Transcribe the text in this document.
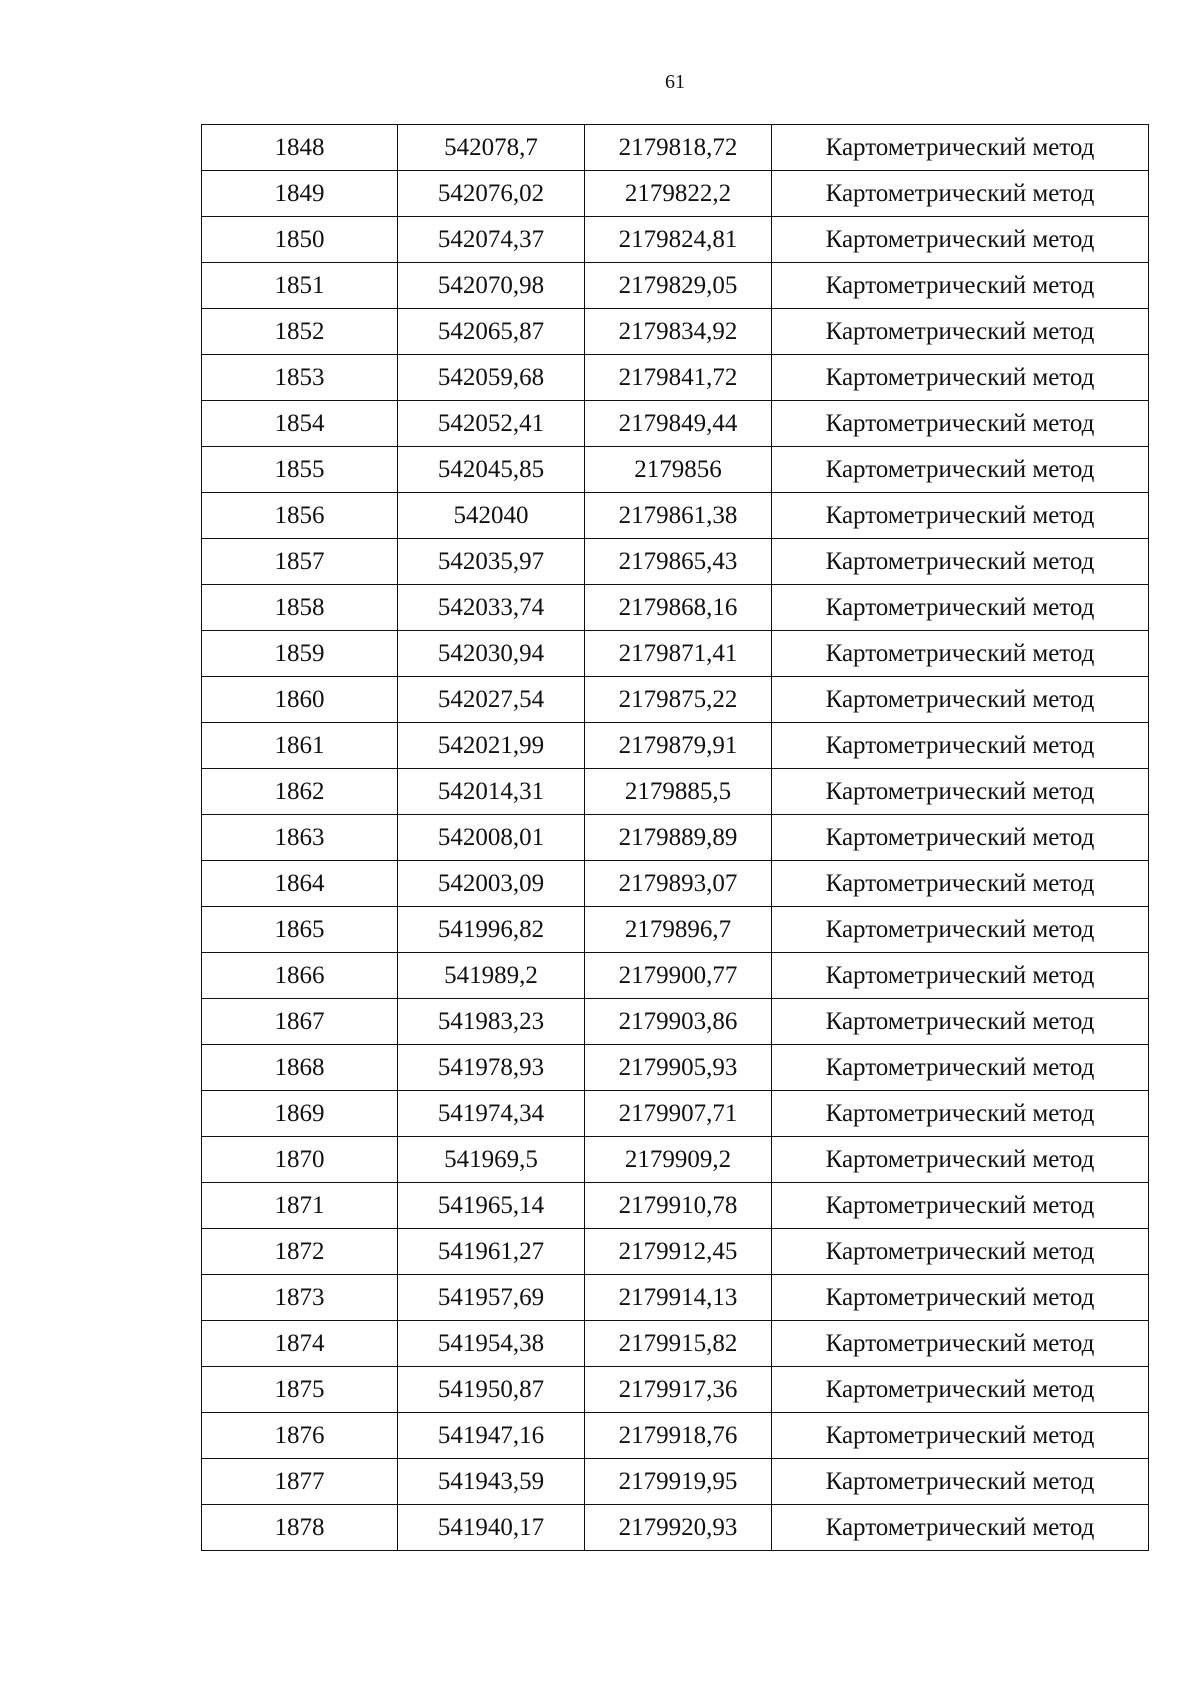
61
1848	542078,7	2179818,72	Картометрический метод
1849	542076,02	2179822,2	Картометрический метод
1850	542074,37	2179824,81	Картометрический метод
1851	542070,98	2179829,05	Картометрический метод
1852	542065,87	2179834,92	Картометрический метод
1853	542059,68	2179841,72	Картометрический метод
1854	542052,41	2179849,44	Картометрический метод
1855	542045,85	2179856	Картометрический метод
1856	542040	2179861,38	Картометрический метод
1857	542035,97	2179865,43	Картометрический метод
1858	542033,74	2179868,16	Картометрический метод
1859	542030,94	2179871,41	Картометрический метод
1860	542027,54	2179875,22	Картометрический метод
1861	542021,99	2179879,91	Картометрический метод
1862	542014,31	2179885,5	Картометрический метод
1863	542008,01	2179889,89	Картометрический метод
1864	542003,09	2179893,07	Картометрический метод
1865	541996,82	2179896,7	Картометрический метод
1866	541989,2	2179900,77	Картометрический метод
1867	541983,23	2179903,86	Картометрический метод
1868	541978,93	2179905,93	Картометрический метод
1869	541974,34	2179907,71	Картометрический метод
1870	541969,5	2179909,2	Картометрический метод
1871	541965,14	2179910,78	Картометрический метод
1872	541961,27	2179912,45	Картометрический метод
1873	541957,69	2179914,13	Картометрический метод
1874	541954,38	2179915,82	Картометрический метод
1875	541950,87	2179917,36	Картометрический метод
1876	541947,16	2179918,76	Картометрический метод
1877	541943,59	2179919,95	Картометрический метод
1878	541940,17	2179920,93	Картометрический метод
